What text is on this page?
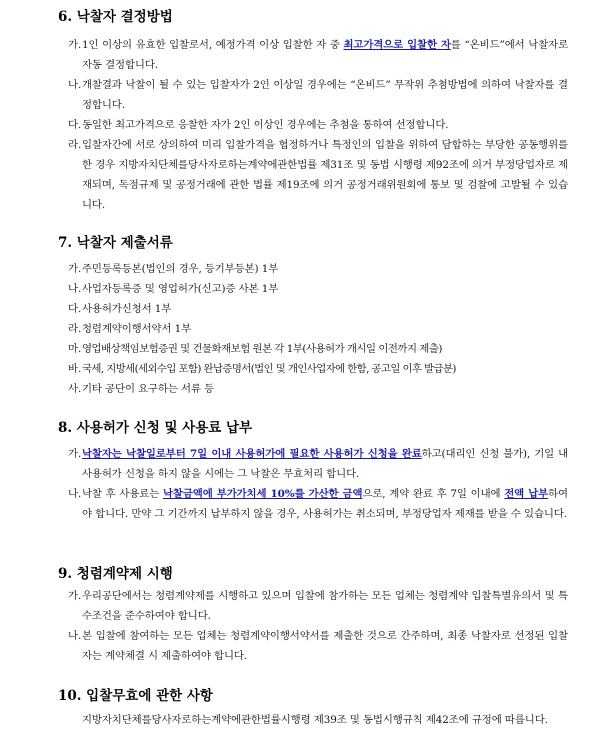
6. 낙찰자 결정방법
가. 1인 이상의 유효한 입찰로서, 예정가격 이상 입찰한 자 중 최고가격으로 입찰한 자를 “온비드”에서 낙찰자로 자동 결정합니다.
나. 개찰결과 낙찰이 될 수 있는 입찰자가 2인 이상일 경우에는 “온비드” 무작위 추첨방법에 의하여 낙찰자를 결정합니다.
다. 동일한 최고가격으로 응찰한 자가 2인 이상인 경우에는 추첨을 통하여 선정합니다.
라. 입찰자간에 서로 상의하여 미리 입찰가격을 협정하거나 특정인의 입찰을 위하여 담합하는 부당한 공동행위를 한 경우 지방자치단체를당사자로하는계약에관한법률 제31조 및 동법 시행령 제92조에 의거 부정당업자로 제재되며, 독점규제 및 공정거래에 관한 법률 제19조에 의거 공정거래위원회에 통보 및 검찰에 고발될 수 있습니다.
7. 낙찰자 제출서류
가. 주민등록등본(법인의 경우, 등기부등본) 1부
나. 사업자등록증 및 영업허가(신고)증 사본 1부
다. 사용허가신청서 1부
라. 청렴계약이행서약서 1부
마. 영업배상책임보험증권 및 건물화재보험 원본 각 1부(사용허가 개시일 이전까지 제출)
바. 국세, 지방세(세외수입 포함) 완납증명서(법인 및 개인사업자에 한함, 공고일 이후 발급분)
사. 기타 공단이 요구하는 서류 등
8. 사용허가 신청 및 사용료 납부
가. 낙찰자는 낙찰일로부터 7일 이내 사용허가에 필요한 사용허가 신청을 완료하고(대리인 신청 불가), 기일 내 사용허가 신청을 하지 않을 시에는 그 낙찰은 무효처리 합니다.
나. 낙찰 후 사용료는 낙찰금액에 부가가치세 10%를 가산한 금액으로, 계약 완료 후 7일 이내에 전액 납부하여야 합니다. 만약 그 기간까지 납부하지 않을 경우, 사용허가는 취소되며, 부정당업자 제재를 받을 수 있습니다.
9. 청렴계약제 시행
가. 우리공단에서는 청렴계약제를 시행하고 있으며 입찰에 참가하는 모든 업체는 청렴계약 입찰특별유의서 및 특수조건을 준수하여야 합니다.
나. 본 입찰에 참여하는 모든 업체는 청렴계약이행서약서를 제출한 것으로 간주하며, 최종 낙찰자로 선정된 입찰자는 계약체결 시 제출하여야 합니다.
10. 입찰무효에 관한 사항
지방자치단체를당사자로하는계약에관한법률시행령 제39조 및 동법시행규칙 제42조에 규정에 따릅니다.
